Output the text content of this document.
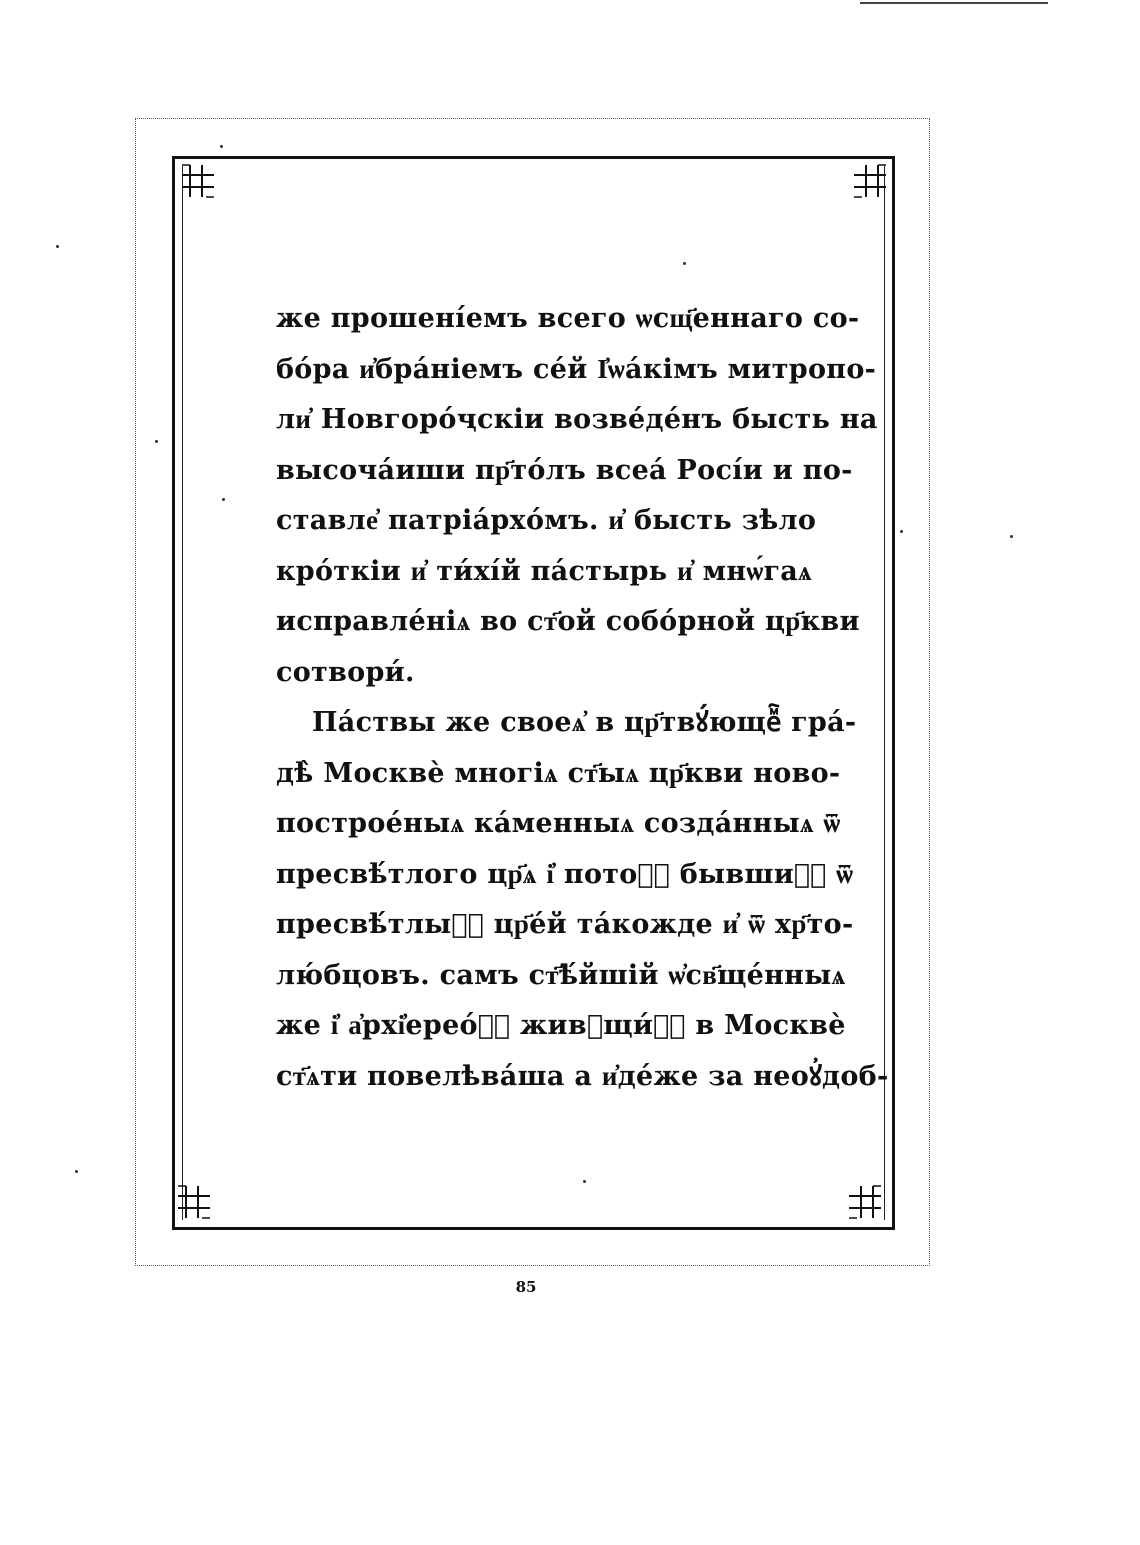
же прошені́емъ всего ѡсщ҃еннаго со-
бо́ра и҆бра́ніемъ се́й І҆ѡа́кімъ митропо-
ли҆ Новгоро́ҷскіи возве́де́нъ бысть на
высоча́иши пр҃то́лъ всеа́ Росі́и и по-
ставле҆ патріа́рхо́мъ. и҆ бысть зѣло
кро́ткіи и҆ ти́хі́й па́стырь и҆ мнѡ́гаѧ
исправле́ніѧ во ст҃ой собо́рной цр҃кви
сотвори́.
Па́ствы же своеѧ҆ в цр҃твꙋ́ющеⷨ҇ гра́-
дѣ̀ Москвѐ многіѧ ст҃ыѧ цр҃кви ново-
построе́ныѧ ка́менныѧ созда́нныѧ ѿ
пресвѣ́тлого цр҃ѧ і҆ потоⷨ҇ бывшиⷯ҇ ѿ
пресвѣ́тлыⷯ҇ цр҃е́й та́кожде и҆ ѿ хр҃то-
лю́бцовъ. самъ ст҃ѣ́йшій ѡ҆св҃ще́нныѧ
же і҆ а҆рхі҆ерео́ⷨ҇ живꙋщи́ⷨ҇ в Москвѐ
ст҃ѧти повелѣва́ша а и҆де́же за неоꙋ҆доб-
85
